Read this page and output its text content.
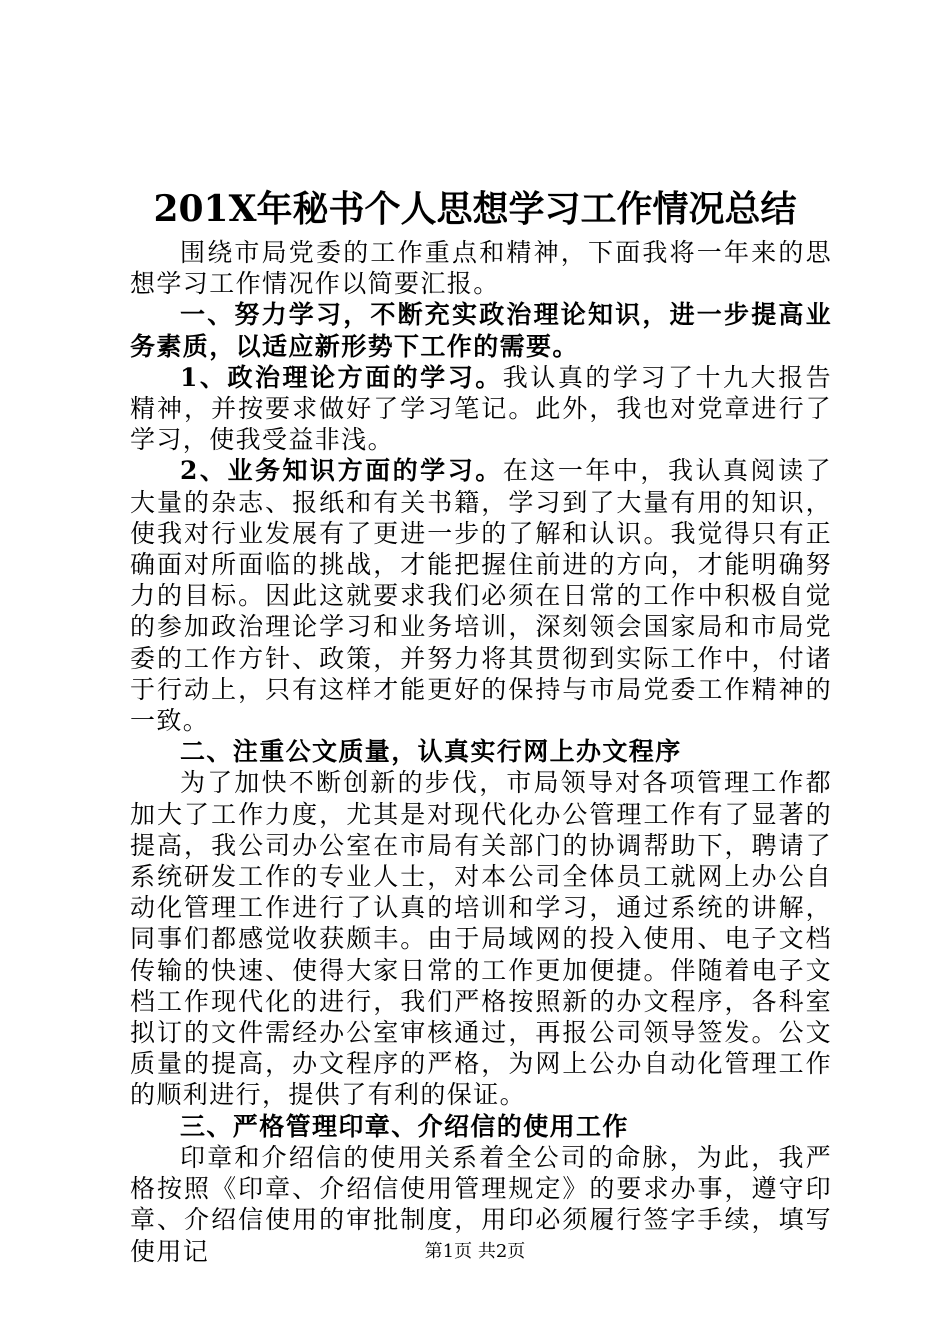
201X年秘书个人思想学习工作情况总结

围绕市局党委的工作重点和精神，下面我将一年来的思想学习工作情况作以简要汇报。

一、努力学习，不断充实政治理论知识，进一步提高业务素质，以适应新形势下工作的需要。

1、政治理论方面的学习。我认真的学习了十九大报告精神，并按要求做好了学习笔记。此外，我也对党章进行了学习，使我受益非浅。

2、业务知识方面的学习。在这一年中，我认真阅读了大量的杂志、报纸和有关书籍，学习到了大量有用的知识，使我对行业发展有了更进一步的了解和认识。我觉得只有正确面对所面临的挑战，才能把握住前进的方向，才能明确努力的目标。因此这就要求我们必须在日常的工作中积极自觉的参加政治理论学习和业务培训，深刻领会国家局和市局党委的工作方针、政策，并努力将其贯彻到实际工作中，付诸于行动上，只有这样才能更好的保持与市局党委工作精神的一致。

二、注重公文质量，认真实行网上办文程序

为了加快不断创新的步伐，市局领导对各项管理工作都加大了工作力度，尤其是对现代化办公管理工作有了显著的提高，我公司办公室在市局有关部门的协调帮助下，聘请了系统研发工作的专业人士，对本公司全体员工就网上办公自动化管理工作进行了认真的培训和学习，通过系统的讲解，同事们都感觉收获颇丰。由于局域网的投入使用、电子文档传输的快速、使得大家日常的工作更加便捷。伴随着电子文档工作现代化的进行，我们严格按照新的办文程序，各科室拟订的文件需经办公室审核通过，再报公司领导签发。公文质量的提高，办文程序的严格，为网上公办自动化管理工作的顺利进行，提供了有利的保证。

三、严格管理印章、介绍信的使用工作

印章和介绍信的使用关系着全公司的命脉，为此，我严格按照《印章、介绍信使用管理规定》的要求办事，遵守印章、介绍信使用的审批制度，用印必须履行签字手续，填写使用记	第1页 共2页
